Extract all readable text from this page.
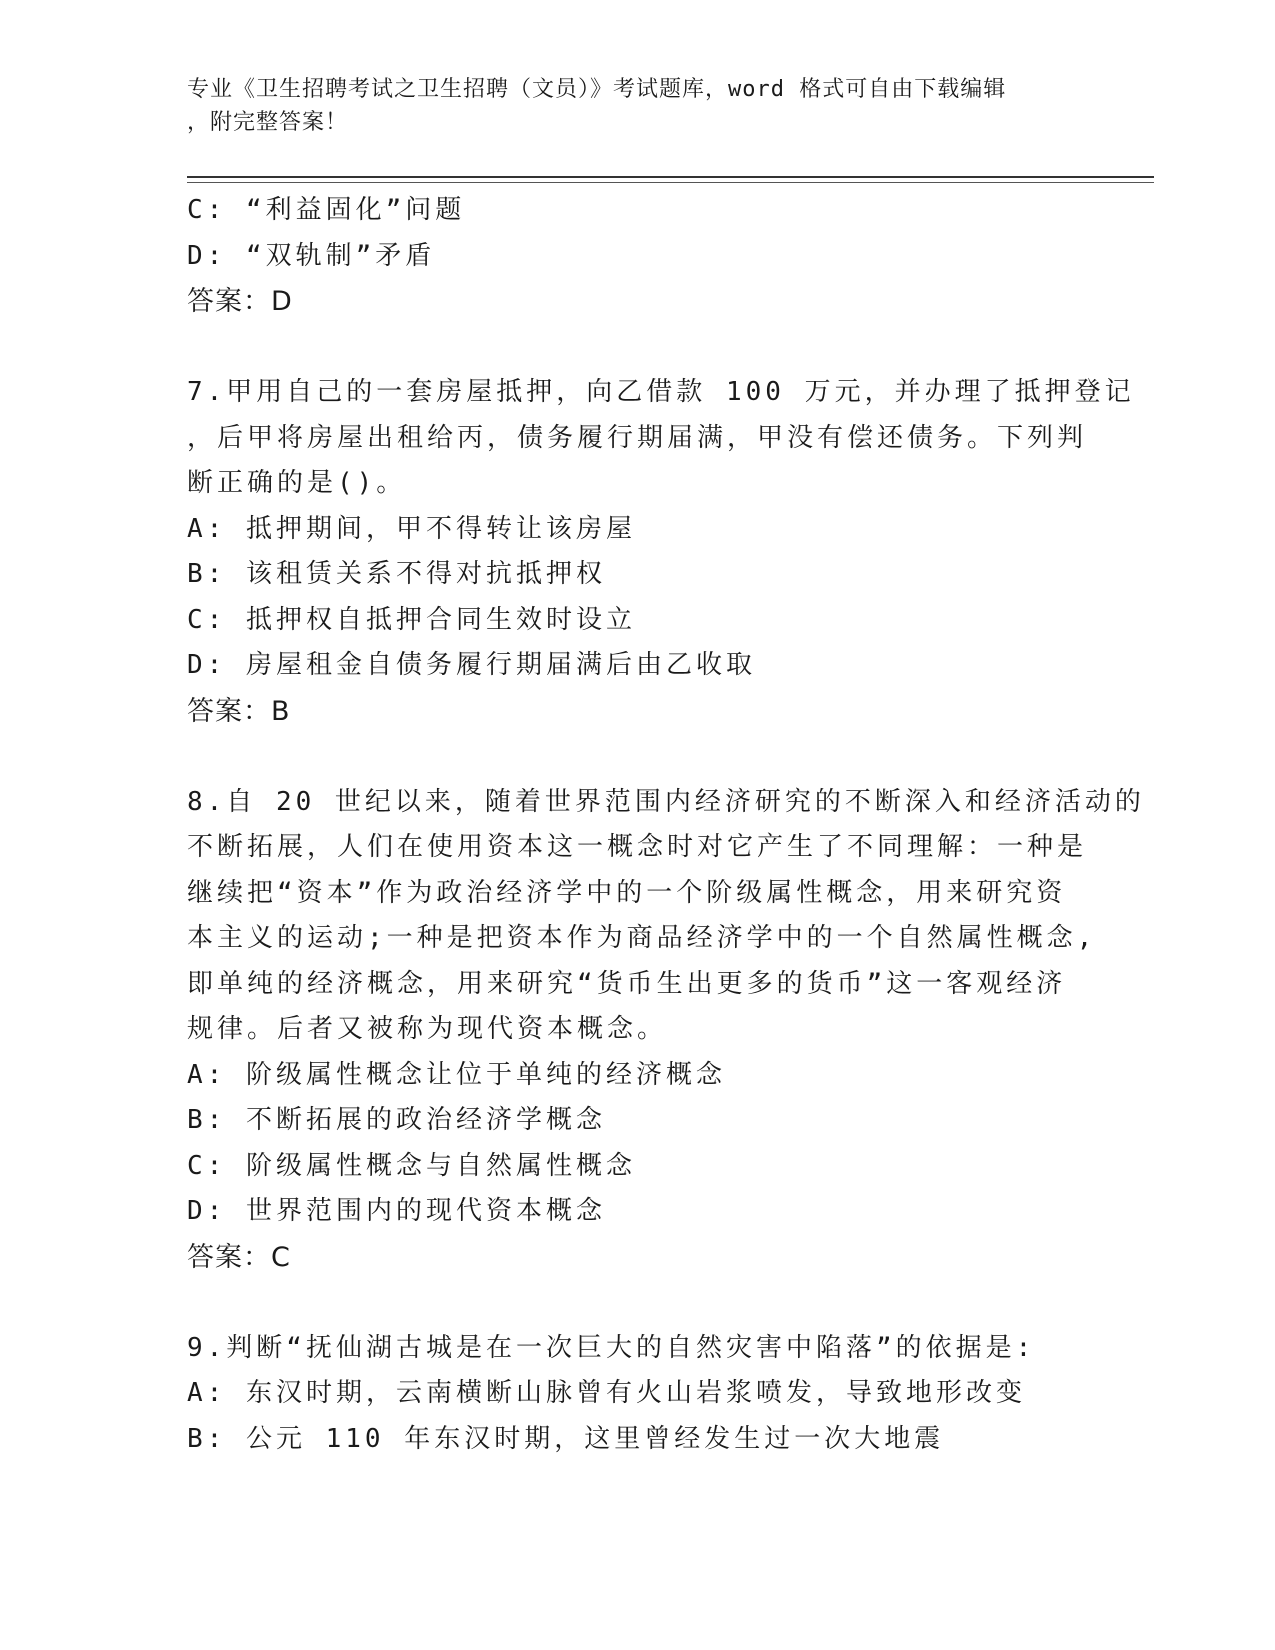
专业《卫生招聘考试之卫生招聘（文员）》考试题库，word 格式可自由下载编辑
，附完整答案！
C: “利益固化”问题
D: “双轨制”矛盾
答案：D
7.甲用自己的一套房屋抵押，向乙借款 100 万元，并办理了抵押登记
，后甲将房屋出租给丙，债务履行期届满，甲没有偿还债务。下列判
断正确的是()。
A: 抵押期间，甲不得转让该房屋
B: 该租赁关系不得对抗抵押权
C: 抵押权自抵押合同生效时设立
D: 房屋租金自债务履行期届满后由乙收取
答案：B
8.自 20 世纪以来，随着世界范围内经济研究的不断深入和经济活动的
不断拓展，人们在使用资本这一概念时对它产生了不同理解：一种是
继续把“资本”作为政治经济学中的一个阶级属性概念，用来研究资
本主义的运动;一种是把资本作为商品经济学中的一个自然属性概念,
即单纯的经济概念，用来研究“货币生出更多的货币”这一客观经济
规律。后者又被称为现代资本概念。
A: 阶级属性概念让位于单纯的经济概念
B: 不断拓展的政治经济学概念
C: 阶级属性概念与自然属性概念
D: 世界范围内的现代资本概念
答案：C
9.判断“抚仙湖古城是在一次巨大的自然灾害中陷落”的依据是:
A: 东汉时期，云南横断山脉曾有火山岩浆喷发，导致地形改变
B: 公元 110 年东汉时期，这里曾经发生过一次大地震
